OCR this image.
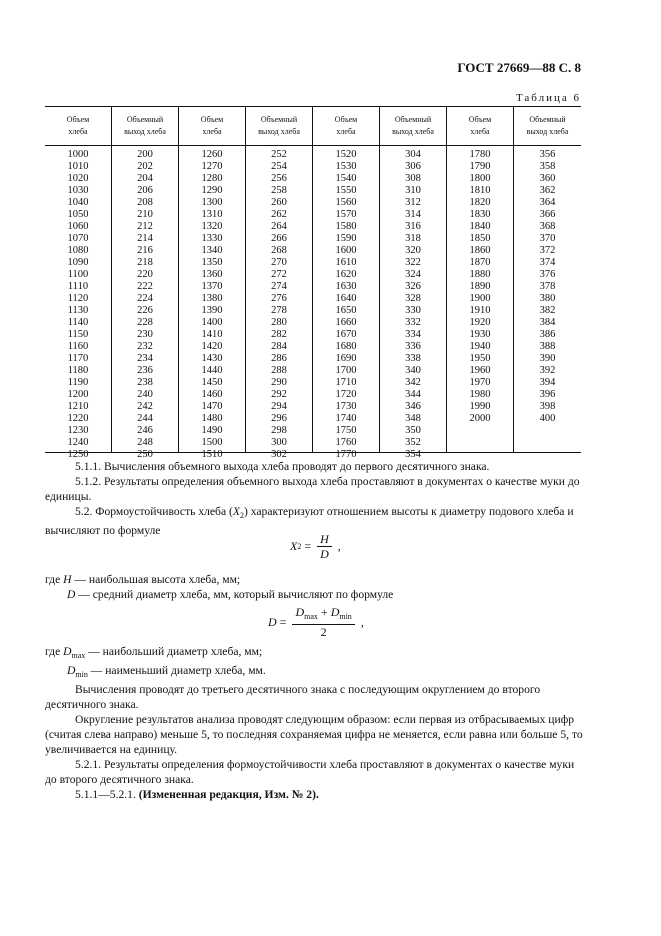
ГОСТ 27669—88 С. 8
Таблица 6
Объем
хлеба
Объемный
выход хлеба
Объем
хлеба
Объемный
выход хлеба
Объем
хлеба
Объемный
выход хлеба
Объем
хлеба
Объемный
выход хлеба
1000
1010
1020
1030
1040
1050
1060
1070
1080
1090
1100
1110
1120
1130
1140
1150
1160
1170
1180
1190
1200
1210
1220
1230
1240
1250
200
202
204
206
208
210
212
214
216
218
220
222
224
226
228
230
232
234
236
238
240
242
244
246
248
250
1260
1270
1280
1290
1300
1310
1320
1330
1340
1350
1360
1370
1380
1390
1400
1410
1420
1430
1440
1450
1460
1470
1480
1490
1500
1510
252
254
256
258
260
262
264
266
268
270
272
274
276
278
280
282
284
286
288
290
292
294
296
298
300
302
1520
1530
1540
1550
1560
1570
1580
1590
1600
1610
1620
1630
1640
1650
1660
1670
1680
1690
1700
1710
1720
1730
1740
1750
1760
1770
304
306
308
310
312
314
316
318
320
322
324
326
328
330
332
334
336
338
340
342
344
346
348
350
352
354
1780
1790
1800
1810
1820
1830
1840
1850
1860
1870
1880
1890
1900
1910
1920
1930
1940
1950
1960
1970
1980
1990
2000
356
358
360
362
364
366
368
370
372
374
376
378
380
382
384
386
388
390
392
394
396
398
400

5.1.1. Вычисления объемного выхода хлеба проводят до первого десятичного знака.

5.1.2. Результаты определения объемного выхода хлеба проставляют в документах о качестве муки до единицы.

5.2. Формоустойчивость хлеба $(X_2)$ характеризуют отношением высоты к диаметру подового хлеба и вычисляют по формуле

X $2 = \frac{H}{D}$ ,

где H — наибольшая высота хлеба, мм;

D — средний диаметр хлеба, мм, который вычисляют по формуле

$D = \frac{D_{max} + D_{min}}{2}$ ,

где $D_{max}$ — наибольший диаметр хлеба, мм;

$D_{min}$ — наименьший диаметр хлеба, мм.

Вычисления проводят до третьего десятичного знака с последующим округлением до второго десятичного знака.

Округление результатов анализа проводят следующим образом: если первая из отбрасываемых цифр (считая слева направо) меньше 5, то последняя сохраняемая цифра не меняется, если равна или больше 5, то увеличивается на единицу.

5.2.1. Результаты определения формоустойчивости хлеба проставляют в документах о качестве муки до второго десятичного знака.

5.1.1—5.2.1. (Измененная редакция, Изм. № 2).
